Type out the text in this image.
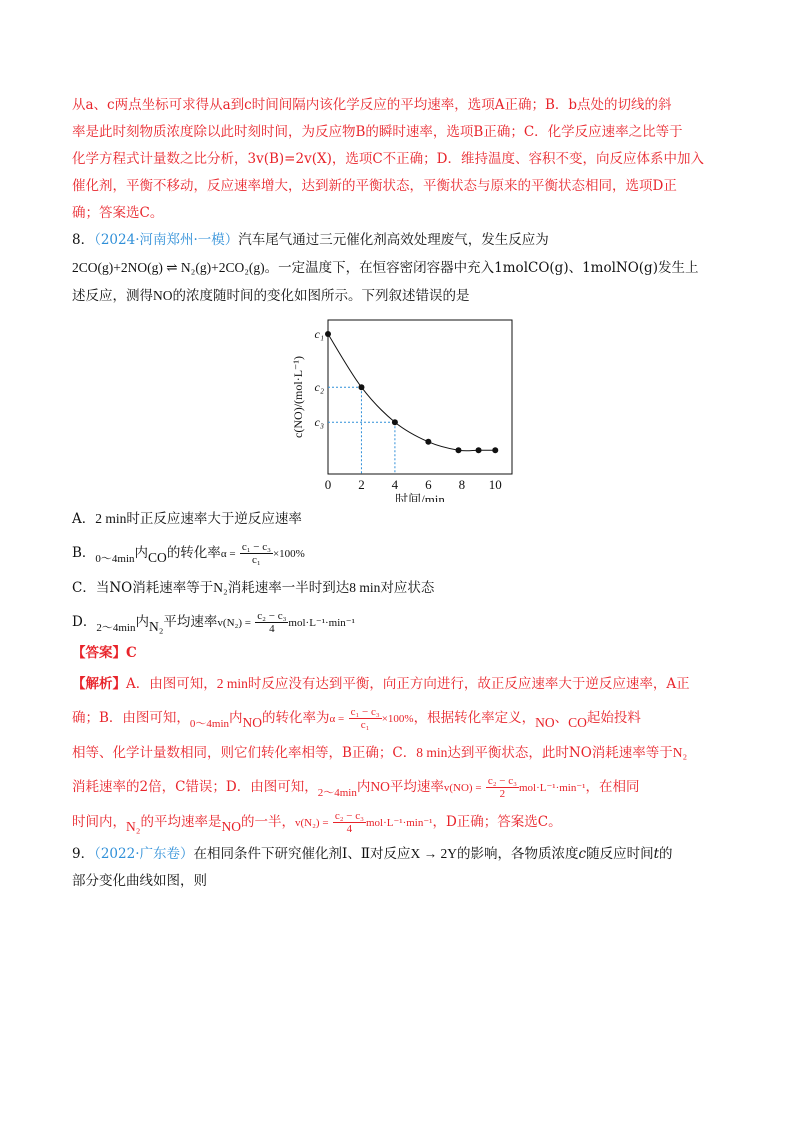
从a、c两点坐标可求得从a到c时间间隔内该化学反应的平均速率，选项A正确；B．b点处的切线的斜

率是此时刻物质浓度除以此时刻时间，为反应物B的瞬时速率，选项B正确；C．化学反应速率之比等于

化学方程式计量数之比分析，3v(B)=2v(X)，选项C不正确；D．维持温度、容积不变，向反应体系中加入

催化剂，平衡不移动，反应速率增大，达到新的平衡状态，平衡状态与原来的平衡状态相同，选项D正

确；答案选C。

8．（2024·河南郑州·一模）汽车尾气通过三元催化剂高效处理废气，发生反应为

2CO(g)+2NO(g) ⇌ N₂(g)+2CO₂(g)。一定温度下，在恒容密闭容器中充入1molCO(g)、1molNO(g)发生上

述反应，测得NO的浓度随时间的变化如图所示。下列叙述错误的是

0 2 4 6 8 10
c₁
c₂
c₃
时间/min
c(NO)/(mol·L⁻¹)

A．2 min时正反应速率大于逆反应速率

B．$_{0\sim 4min}$内CO的转化率$\alpha = \frac{\text{c₁ − c₃}}{\text{c₁}} \times 100\%$

C．当NO消耗速率等于N₂消耗速率一半时到达8 min对应状态

D．$_{2\sim 4min}$内N₂平均速率$v(N_2) = \frac{\text{c₂ − c₃}}{4} mol\cdot L^{-1}\cdot\min^{-1}$

【答案】C

【解析】A．由图可知，2 min时反应没有达到平衡，向正方向进行，故正反应速率大于逆反应速率，A正

确；B．由图可知，$_{0\sim 4min}$内NO的转化率为$\alpha = \frac{\text{c₁ − c₃}}{\text{c₁}} \times 100\%$，根据转化率定义，NO、CO起始投料

相等、化学计量数相同，则它们转化率相等，B正确；C．8 min达到平衡状态，此时NO消耗速率等于N₂

消耗速率的2倍，C错误；D．由图可知，$_{2\sim 4min}$内NO平均速率$v(NO) = \frac{\text{c₂ − c₃}}{2} mol\cdot L^{-1}\cdot\min^{-1}$，在相同

时间内，N₂的平均速率是NO的一半，$v(N_2) = \frac{\text{c₂ − c₃}}{4} mol\cdot L^{-1}\cdot\min^{-1}$，D正确；答案选C。

9．（2022·广东卷）在相同条件下研究催化剂Ⅰ、Ⅱ对反应X → 2Y的影响，各物质浓度c随反应时间t的

部分变化曲线如图，则
